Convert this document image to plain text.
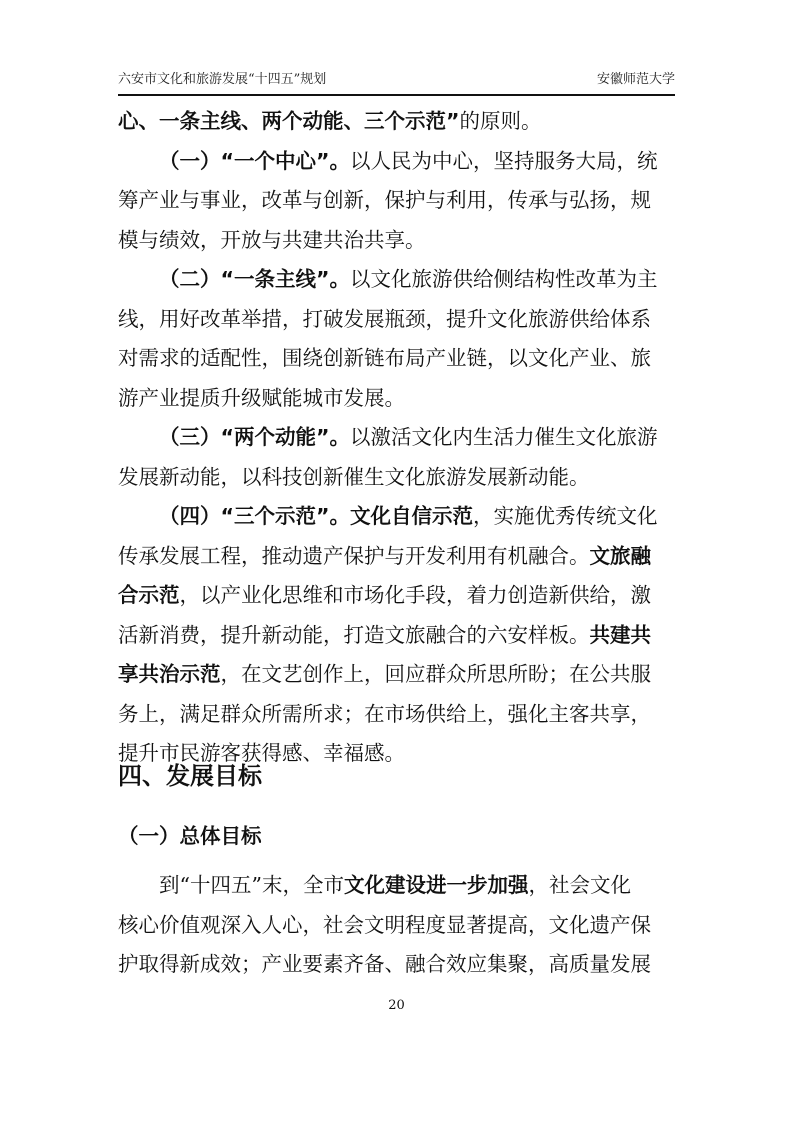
六安市文化和旅游发展“十四五”规划	安徽师范大学

心、一条主线、两个动能、三个示范”的原则。

（一）“一个中心”。以人民为中心，坚持服务大局，统

筹产业与事业，改革与创新，保护与利用，传承与弘扬，规

模与绩效，开放与共建共治共享。

（二）“一条主线”。以文化旅游供给侧结构性改革为主

线，用好改革举措，打破发展瓶颈，提升文化旅游供给体系

对需求的适配性，围绕创新链布局产业链，以文化产业、旅

游产业提质升级赋能城市发展。

（三）“两个动能”。以激活文化内生活力催生文化旅游

发展新动能，以科技创新催生文化旅游发展新动能。

（四）“三个示范”。文化自信示范，实施优秀传统文化

传承发展工程，推动遗产保护与开发利用有机融合。文旅融

合示范，以产业化思维和市场化手段，着力创造新供给，激

活新消费，提升新动能，打造文旅融合的六安样板。共建共

享共治示范，在文艺创作上，回应群众所思所盼；在公共服

务上，满足群众所需所求；在市场供给上，强化主客共享，

提升市民游客获得感、幸福感。

四、发展目标
（一）总体目标

到“十四五”末，全市文化建设进一步加强，社会文化

核心价值观深入人心，社会文明程度显著提高，文化遗产保

护取得新成效；产业要素齐备、融合效应集聚，高质量发展

20
